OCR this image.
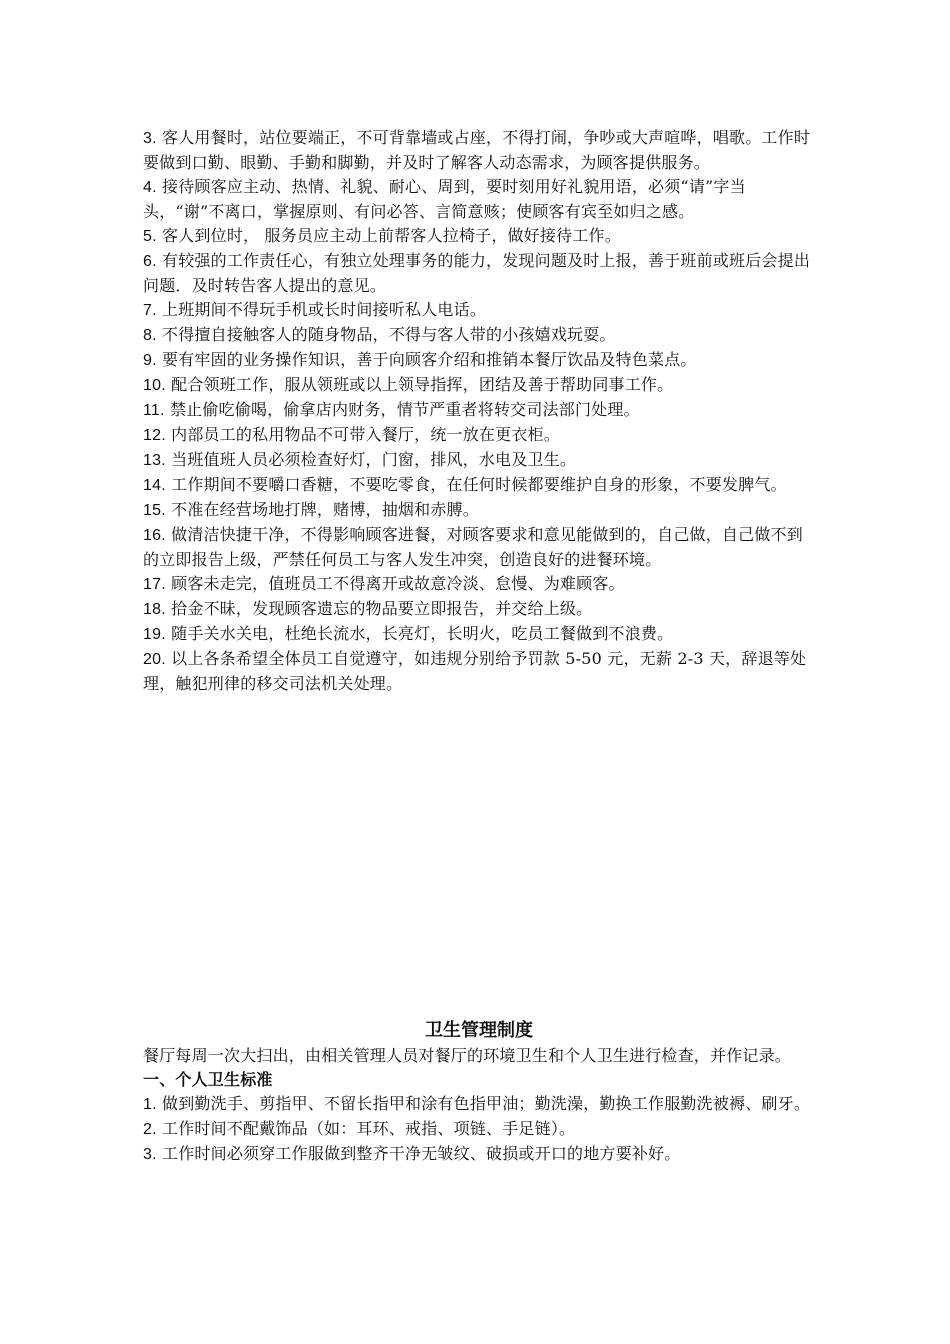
3. 客人用餐时，站位要端正，不可背靠墙或占座，不得打闹，争吵或大声喧哗，唱歌。工作时要做到口勤、眼勤、手勤和脚勤，并及时了解客人动态需求，为顾客提供服务。

4. 接待顾客应主动、热情、礼貌、耐心、周到，要时刻用好礼貌用语，必须“请”字当头，“谢”不离口，掌握原则、有问必答、言简意赅；使顾客有宾至如归之感。

5. 客人到位时， 服务员应主动上前帮客人拉椅子，做好接待工作。

6. 有较强的工作责任心，有独立处理事务的能力，发现问题及时上报，善于班前或班后会提出问题．及时转告客人提出的意见。

7. 上班期间不得玩手机或长时间接听私人电话。

8. 不得擅自接触客人的随身物品，不得与客人带的小孩嬉戏玩耍。

9. 要有牢固的业务操作知识，善于向顾客介绍和推销本餐厅饮品及特色菜点。

10. 配合领班工作，服从领班或以上领导指挥，团结及善于帮助同事工作。

11. 禁止偷吃偷喝，偷拿店内财务，情节严重者将转交司法部门处理。

12. 内部员工的私用物品不可带入餐厅，统一放在更衣柜。

13. 当班值班人员必须检查好灯，门窗，排风，水电及卫生。

14. 工作期间不要嚼口香糖，不要吃零食，在任何时候都要维护自身的形象，不要发脾气。

15. 不准在经营场地打牌，赌博，抽烟和赤膊。

16. 做清洁快捷干净，不得影响顾客进餐，对顾客要求和意见能做到的，自己做，自己做不到的立即报告上级，严禁任何员工与客人发生冲突，创造良好的进餐环境。

17. 顾客未走完，值班员工不得离开或故意冷淡、怠慢、为难顾客。

18. 拾金不昧，发现顾客遗忘的物品要立即报告，并交给上级。

19. 随手关水关电，杜绝长流水，长亮灯，长明火，吃员工餐做到不浪费。

20. 以上各条希望全体员工自觉遵守，如违规分别给予罚款 5-50 元，无薪 2-3 天，辞退等处理，触犯刑律的移交司法机关处理。

卫生管理制度

餐厅每周一次大扫出，由相关管理人员对餐厅的环境卫生和个人卫生进行检查，并作记录。

一、个人卫生标准

1. 做到勤洗手、剪指甲、不留长指甲和涂有色指甲油；勤洗澡，勤换工作服勤洗被褥、刷牙。

2. 工作时间不配戴饰品（如：耳环、戒指、项链、手足链）。

3. 工作时间必须穿工作服做到整齐干净无皱纹、破损或开口的地方要补好。
